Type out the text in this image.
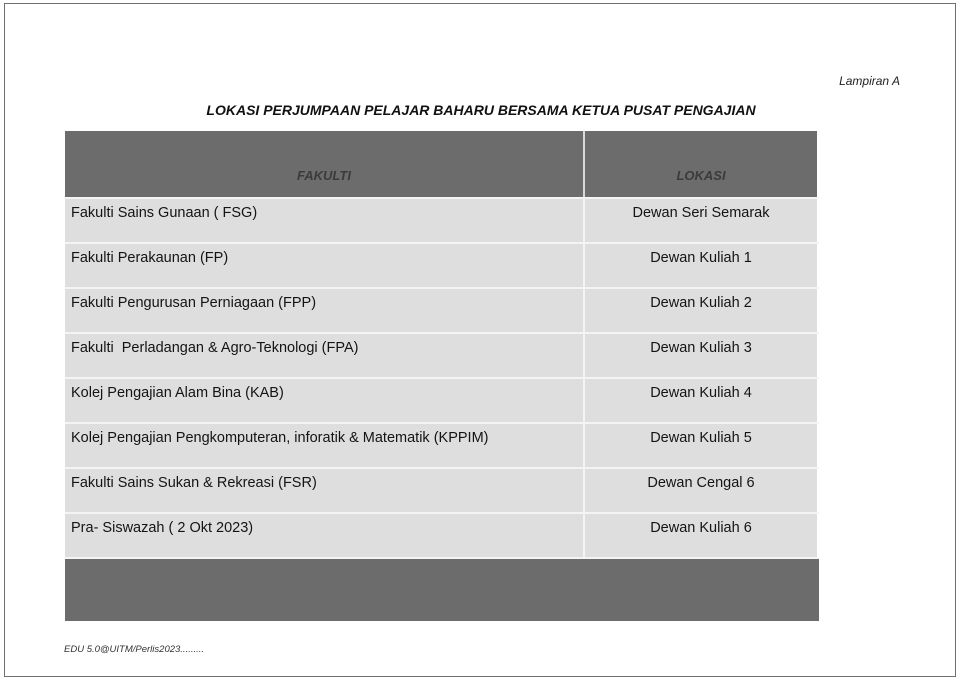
Lampiran A
LOKASI PERJUMPAAN PELAJAR BAHARU BERSAMA KETUA PUSAT PENGAJIAN
FAKULTI	LOKASI
Fakulti Sains Gunaan ( FSG)	Dewan Seri Semarak
Fakulti Perakaunan (FP)	Dewan Kuliah 1
Fakulti Pengurusan Perniagaan (FPP)	Dewan Kuliah 2
Fakulti  Perladangan & Agro-Teknologi (FPA)	Dewan Kuliah 3
Kolej Pengajian Alam Bina (KAB)	Dewan Kuliah 4
Kolej Pengajian Pengkomputeran, inforatik & Matematik (KPPIM)	Dewan Kuliah 5
Fakulti Sains Sukan & Rekreasi (FSR)	Dewan Cengal 6
Pra- Siswazah ( 2 Okt 2023)	Dewan Kuliah 6
EDU 5.0@UITM/Perlis2023.........
